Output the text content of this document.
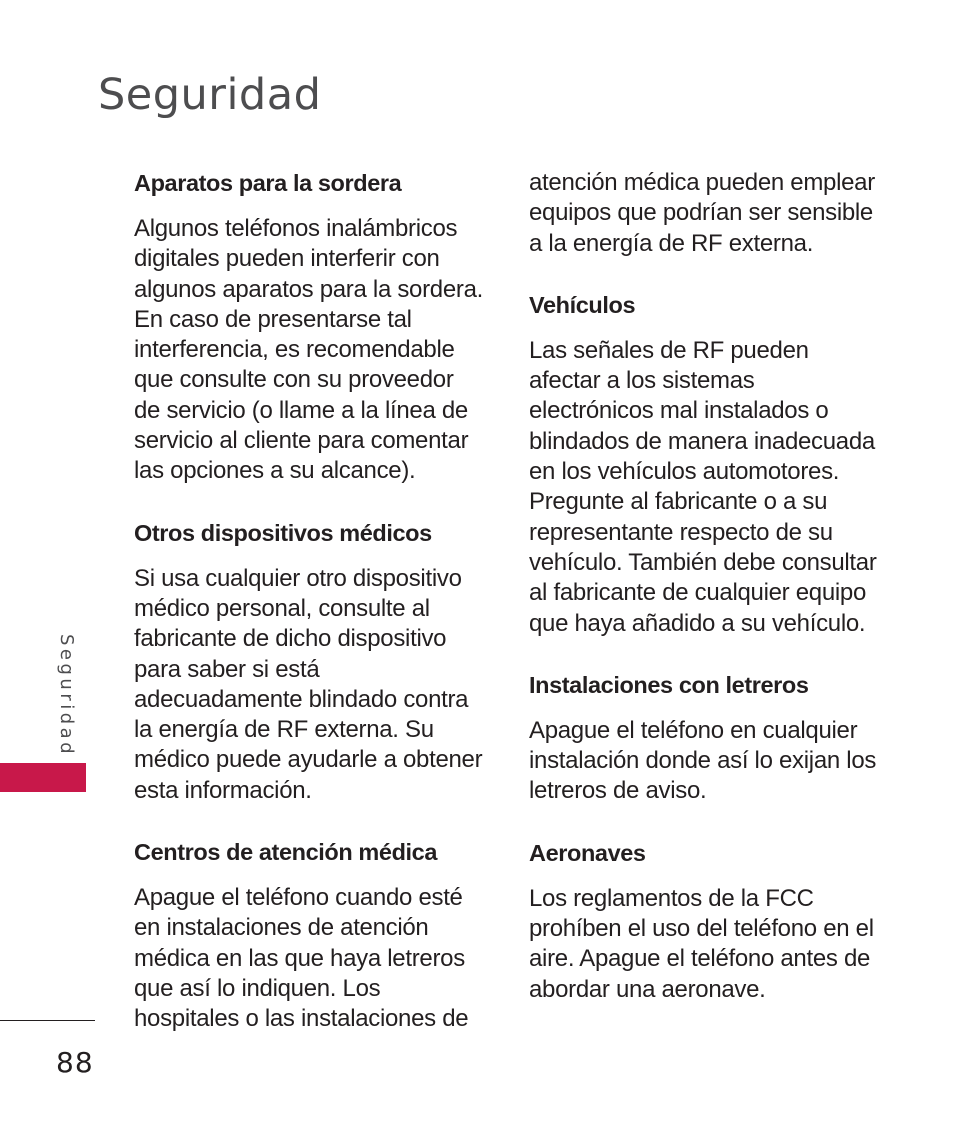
Seguridad
Aparatos para la sordera

Algunos teléfonos inalámbricos digitales pueden interferir con algunos aparatos para la sordera. En caso de presentarse tal interferencia, es recomendable que consulte con su proveedor de servicio (o llame a la línea de servicio al cliente para comentar las opciones a su alcance).

Otros dispositivos médicos

Si usa cualquier otro dispositivo médico personal, consulte al fabricante de dicho dispositivo para saber si está adecuadamente blindado contra la energía de RF externa. Su médico puede ayudarle a obtener esta información.

Centros de atención médica

Apague el teléfono cuando esté en instalaciones de atención médica en las que haya letreros que así lo indiquen. Los hospitales o las instalaciones de

atención médica pueden emplear equipos que podrían ser sensible a la energía de RF externa.

Vehículos

Las señales de RF pueden afectar a los sistemas electrónicos mal instalados o blindados de manera inadecuada en los vehículos automotores. Pregunte al fabricante o a su representante respecto de su vehículo. También debe consultar al fabricante de cualquier equipo que haya añadido a su vehículo.

Instalaciones con letreros

Apague el teléfono en cualquier instalación donde así lo exijan los letreros de aviso.

Aeronaves

Los reglamentos de la FCC prohíben el uso del teléfono en el aire. Apague el teléfono antes de abordar una aeronave.

Seguridad
88
